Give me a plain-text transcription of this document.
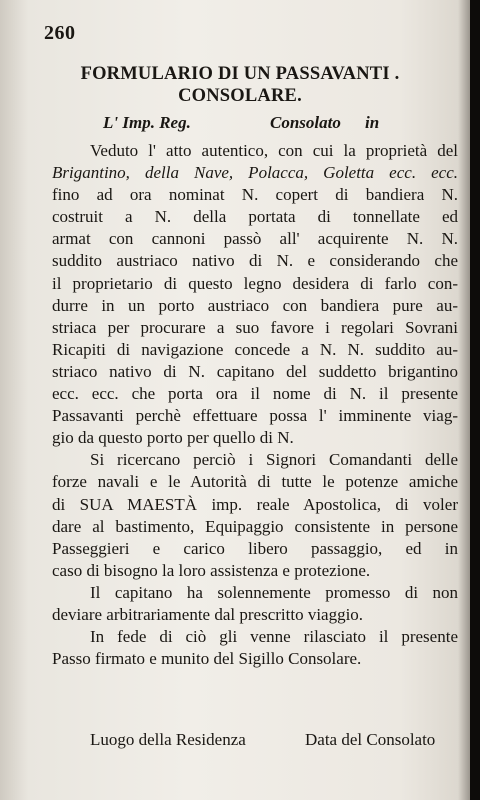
260
FORMULARIO DI UN PASSAVANTI .
CONSOLARE.
L' Imp. Reg.	Consolato in
Veduto l' atto autentico, con cui la proprietà del
Brigantino, della Nave, Polacca, Goletta ecc. ecc.
fino ad ora nominat N. copert di bandiera N.
costruit a N. della portata di tonnellate ed
armat con cannoni passò all' acquirente N. N.
suddito austriaco nativo di N. e considerando che
il proprietario di questo legno desidera di farlo con-
durre in un porto austriaco con bandiera pure au-
striaca per procurare a suo favore i regolari Sovrani
Ricapiti di navigazione concede a N. N. suddito au-
striaco nativo di N. capitano del suddetto brigantino
ecc. ecc. che porta ora il nome di N. il presente
Passavanti perchè effettuare possa l' imminente viag-
gio da questo porto per quello di N.
Si ricercano perciò i Signori Comandanti delle
forze navali e le Autorità di tutte le potenze amiche
di SUA MAESTÀ imp. reale Apostolica, di voler
dare al bastimento, Equipaggio consistente in persone
Passeggieri e carico libero passaggio, ed in
caso di bisogno la loro assistenza e protezione.
Il capitano ha solennemente promesso di non
deviare arbitrariamente dal prescritto viaggio.
In fede di ciò gli venne rilasciato il presente
Passo firmato e munito del Sigillo Consolare.
Luogo della Residenza	Data del Consolato
